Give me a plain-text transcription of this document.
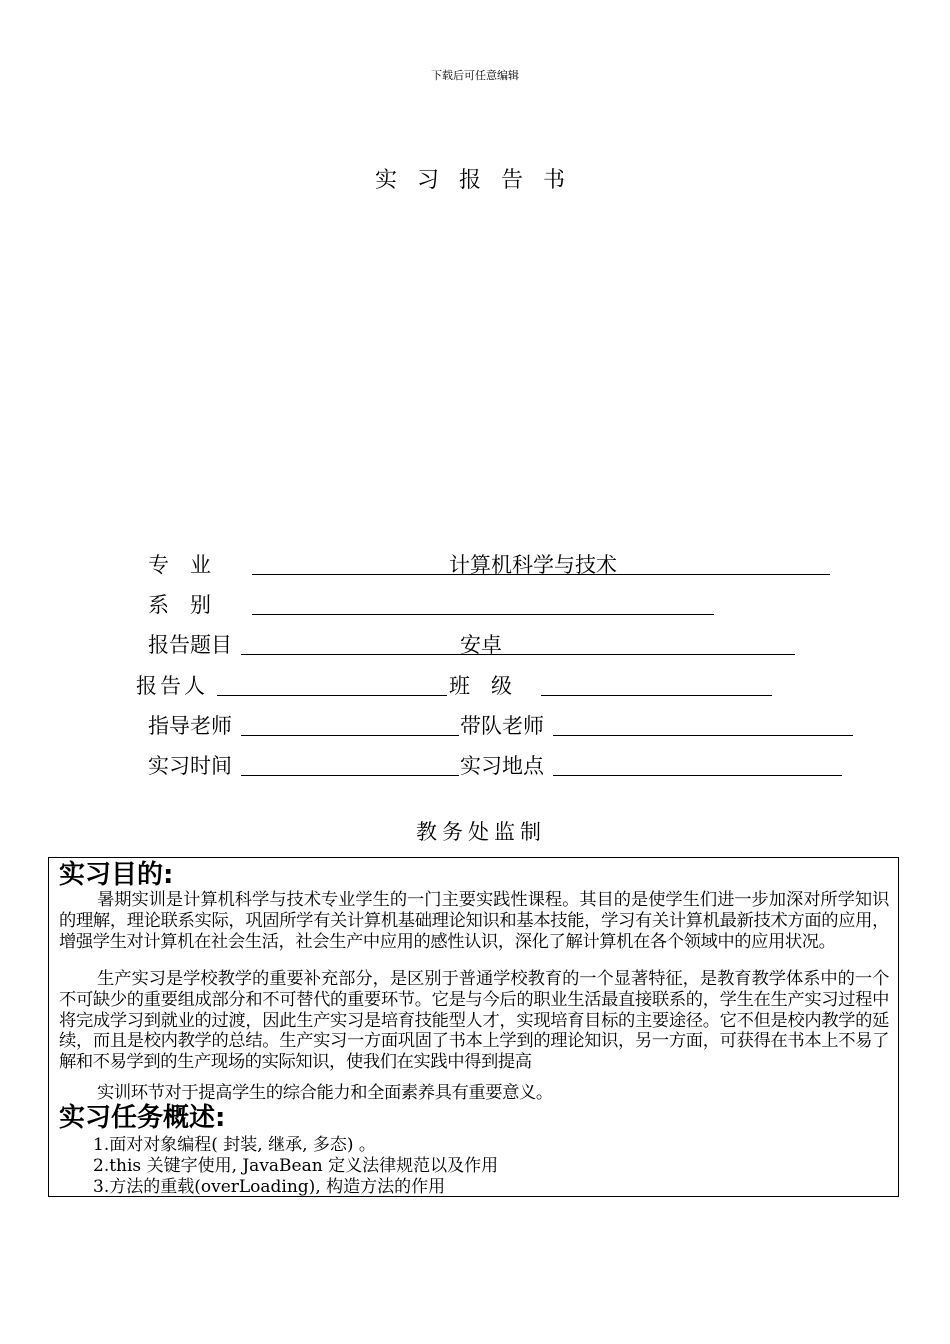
下载后可任意编辑
实习报告书
专　业	计算机科学与技术
系　别
报告题目	安卓
报告人	班　级
指导老师	带队老师
实习时间	实习地点
教务处监制
实习目的:
暑期实训是计算机科学与技术专业学生的一门主要实践性课程。其目的是使学生们进一步加深对所学知识的理解，理论联系实际，巩固所学有关计算机基础理论知识和基本技能，学习有关计算机最新技术方面的应用，增强学生对计算机在社会生活，社会生产中应用的感性认识，深化了解计算机在各个领域中的应用状况。
生产实习是学校教学的重要补充部分，是区别于普通学校教育的一个显著特征，是教育教学体系中的一个不可缺少的重要组成部分和不可替代的重要环节。它是与今后的职业生活最直接联系的，学生在生产实习过程中将完成学习到就业的过渡，因此生产实习是培育技能型人才，实现培育目标的主要途径。它不但是校内教学的延续，而且是校内教学的总结。生产实习一方面巩固了书本上学到的理论知识，另一方面，可获得在书本上不易了解和不易学到的生产现场的实际知识，使我们在实践中得到提高
实训环节对于提高学生的综合能力和全面素养具有重要意义。
实习任务概述:
1.面对对象编程( 封装, 继承, 多态) 。
2.this 关键字使用, JavaBean 定义法律规范以及作用
3.方法的重载(overLoading), 构造方法的作用
